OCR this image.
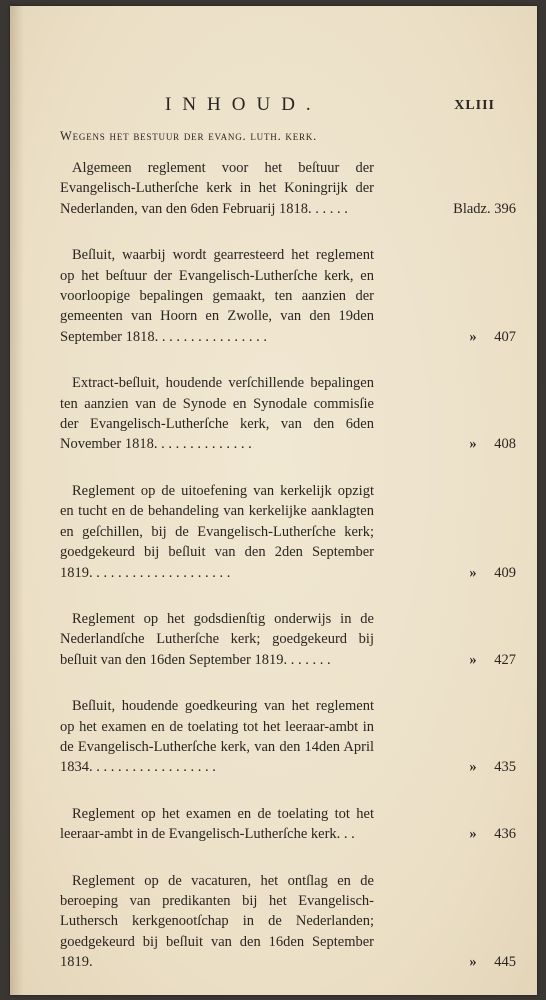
INHOUD.	XLIII
Wegens het bestuur der evang. luth. kerk.
Algemeen reglement voor het beſtuur der Evangelisch-Lutherſche kerk in het Koningrijk der Nederlanden, van den 6den Februarij 1818. . . . . .	Bladz. 396
Beſluit, waarbij wordt gearresteerd het reglement op het beſtuur der Evangelisch-Lutherſche kerk, en voorloopige bepalingen gemaakt, ten aanzien der gemeenten van Hoorn en Zwolle, van den 19den September 1818. . . . . . . . . . . . . . . .	» 407
Extract-beſluit, houdende verſchillende bepalingen ten aanzien van de Synode en Synodale commisſie der Evangelisch-Lutherſche kerk, van den 6den November 1818. . . . . . . . . . . . . .	» 408
Reglement op de uitoefening van kerkelijk opzigt en tucht en de behandeling van kerkelijke aanklagten en geſchillen, bij de Evangelisch-Lutherſche kerk; goedgekeurd bij beſluit van den 2den September 1819. . . . . . . . . . . . . . . . . . . .	» 409
Reglement op het godsdienſtig onderwijs in de Nederlandſche Lutherſche kerk; goedgekeurd bij beſluit van den 16den September 1819. . . . . . .	» 427
Beſluit, houdende goedkeuring van het reglement op het examen en de toelating tot het leeraar-ambt in de Evangelisch-Lutherſche kerk, van den 14den April 1834. . . . . . . . . . . . . . . . . .	» 435
Reglement op het examen en de toelating tot het leeraar-ambt in de Evangelisch-Lutherſche kerk. . .	» 436
Reglement op de vacaturen, het ontſlag en de beroeping van predikanten bij het Evangelisch-Luthersch kerkgenootſchap in de Nederlanden; goedgekeurd bij beſluit van den 16den September 1819.	» 445
